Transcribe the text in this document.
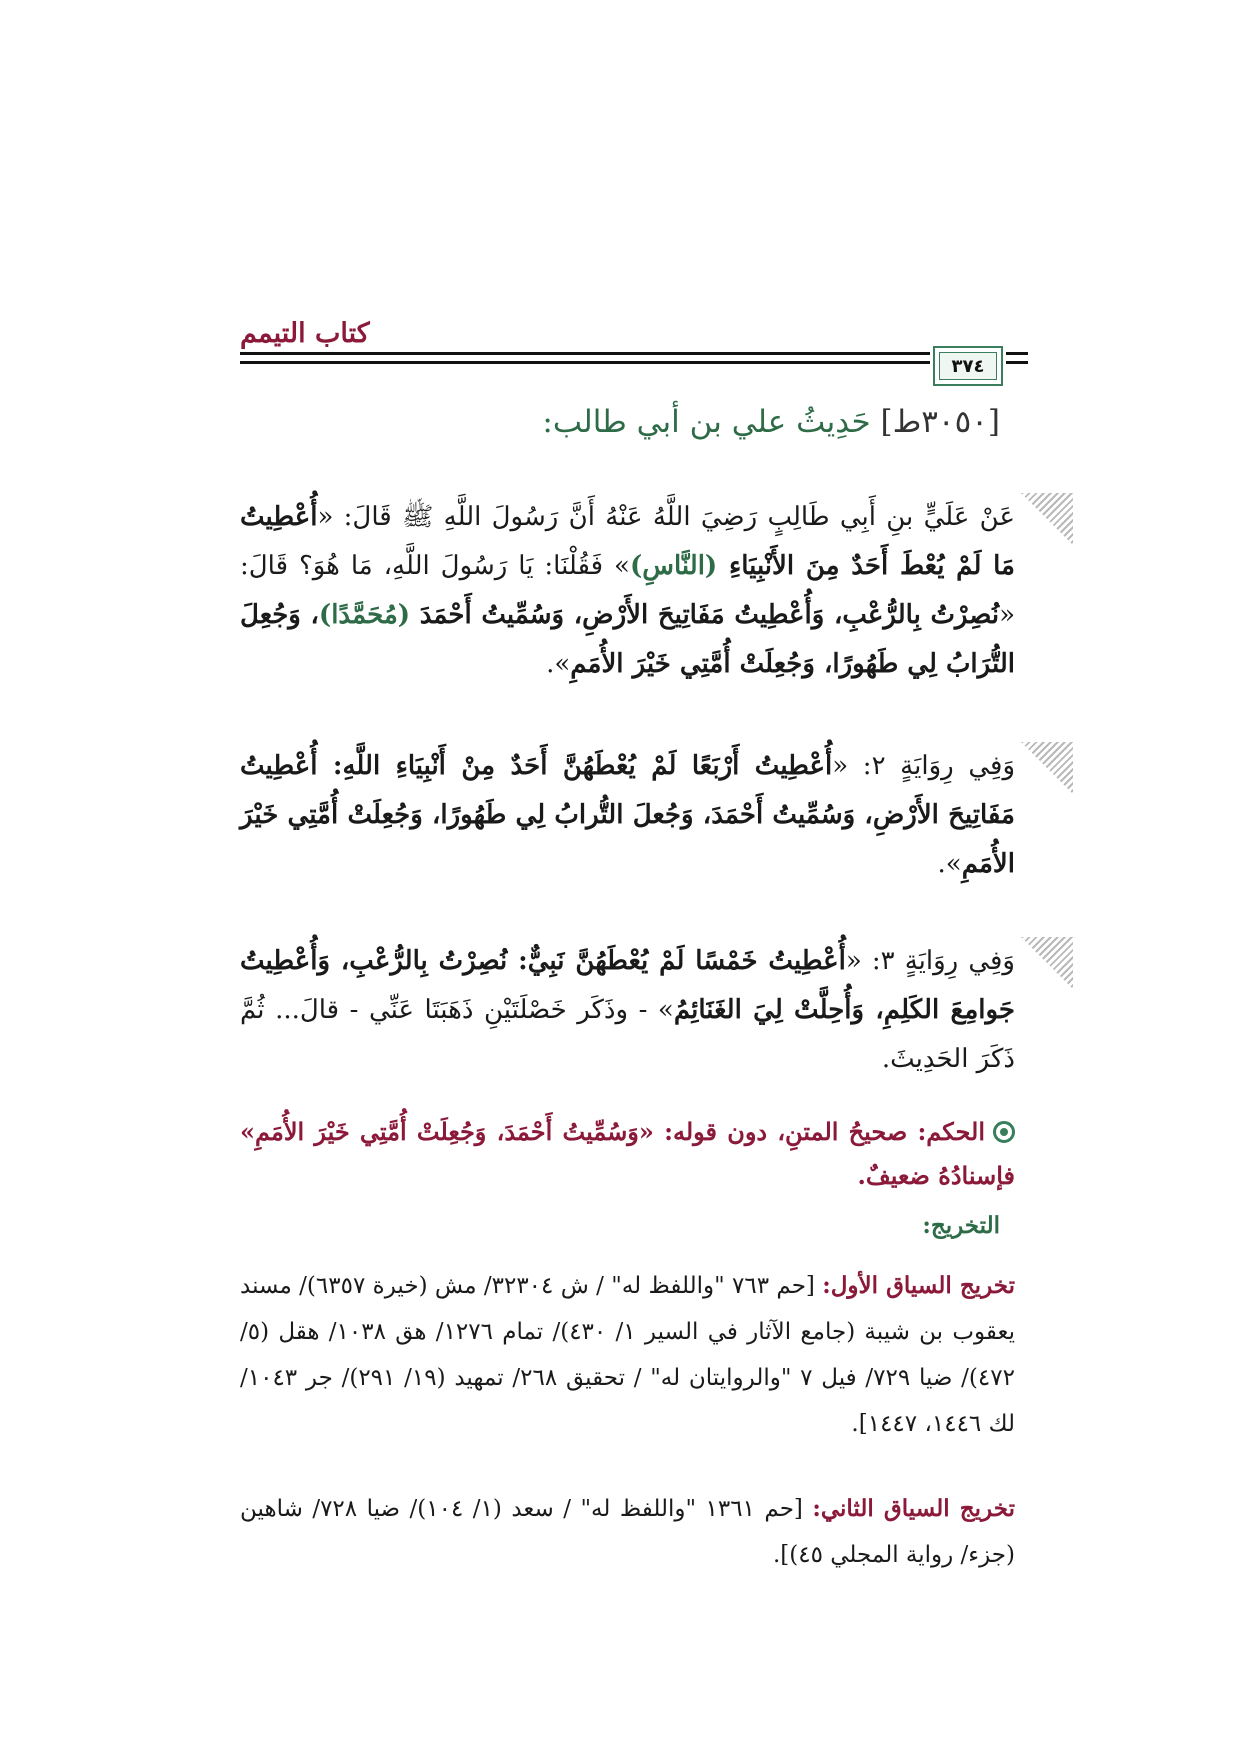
كتاب التيمم
٣٧٤
[٣٠٥٠ط] حَدِيثُ علي بن أبي طالب:
عَنْ عَلَيٍّ بنِ أَبِي طَالِبٍ رَضِيَ اللَّهُ عَنْهُ أَنَّ رَسُولَ اللَّهِ ﷺ قَالَ: «أُعْطِيتُ مَا لَمْ يُعْطَ أَحَدٌ مِنَ الأَنْبِيَاءِ (النَّاسِ)» فَقُلْنَا: يَا رَسُولَ اللَّهِ، مَا هُوَ؟ قَالَ: «نُصِرْتُ بِالرُّعْبِ، وَأُعْطِيتُ مَفَاتِيحَ الأَرْضِ، وَسُمِّيتُ أَحْمَدَ (مُحَمَّدًا)، وَجُعِلَ التُّرَابُ لِي طَهُورًا، وَجُعِلَتْ أُمَّتِي خَيْرَ الأُمَمِ».
وَفِي رِوَايَةٍ ٢: «أُعْطِيتُ أَرْبَعًا لَمْ يُعْطَهُنَّ أَحَدٌ مِنْ أَنْبِيَاءِ اللَّهِ: أُعْطِيتُ مَفَاتِيحَ الأَرْضِ، وَسُمِّيتُ أَحْمَدَ، وَجُعلَ التُّرابُ لِي طَهُورًا، وَجُعِلَتْ أُمَّتِي خَيْرَ الأُمَمِ».
وَفِي رِوَايَةٍ ٣: «أُعْطِيتُ خَمْسًا لَمْ يُعْطَهُنَّ نَبِيٌّ: نُصِرْتُ بِالرُّعْبِ، وَأُعْطِيتُ جَوامِعَ الكَلِمِ، وَأُحِلَّتْ لِيَ الغَنَائِمُ» - وذَكَر خَصْلَتَيْنِ ذَهَبَتَا عَنِّي - قالَ... ثُمَّ ذَكَرَ الحَدِيثَ.
الحكم: صحيحُ المتنِ، دون قوله: «وَسُمِّيتُ أَحْمَدَ، وَجُعِلَتْ أُمَّتِي خَيْرَ الأُمَمِ» فإسنادُهُ ضعيفٌ.
التخريج:
تخريج السياق الأول: [حم ٧٦٣ "واللفظ له" / ش ٣٢٣٠٤/ مش (خيرة ٦٣٥٧)/ مسند يعقوب بن شيبة (جامع الآثار في السير ١/ ٤٣٠)/ تمام ١٢٧٦/ هق ١٠٣٨/ هقل (٥/ ٤٧٢)/ ضيا ٧٢٩/ فيل ٧ "والروايتان له" / تحقيق ٢٦٨/ تمهيد (١٩/ ٢٩١)/ جر ١٠٤٣/ لك ١٤٤٦، ١٤٤٧].
تخريج السياق الثاني: [حم ١٣٦١ "واللفظ له" / سعد (١/ ١٠٤)/ ضيا ٧٢٨/ شاهين (جزء/ رواية المجلي ٤٥)].
